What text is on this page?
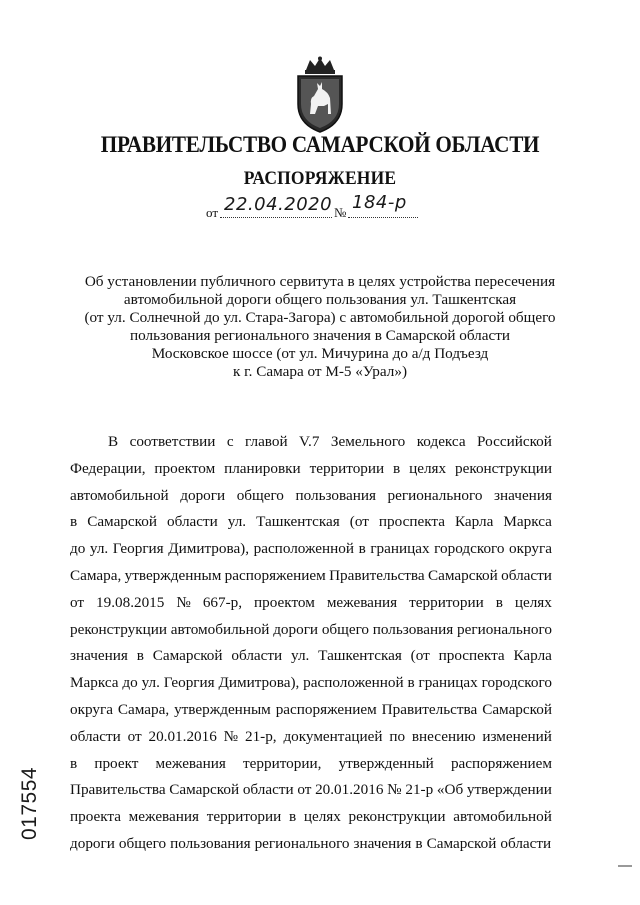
ПРАВИТЕЛЬСТВО САМАРСКОЙ ОБЛАСТИ
РАСПОРЯЖЕНИЕ
от 22.04.2020 № 184-р
Об установлении публичного сервитута в целях устройства пересечения
автомобильной дороги общего пользования ул. Ташкентская
(от ул. Солнечной до ул. Стара-Загора) с автомобильной дорогой общего
пользования регионального значения в Самарской области
Московское шоссе (от ул. Мичурина до а/д Подъезд
к г. Самара от М-5 «Урал»)
В соответствии с главой V.7 Земельного кодекса Российской
Федерации, проектом планировки территории в целях реконструкции
автомобильной дороги общего пользования регионального значения
в Самарской области ул. Ташкентская (от проспекта Карла Маркса
до ул. Георгия Димитрова), расположенной в границах городского округа
Самара, утвержденным распоряжением Правительства Самарской области
от 19.08.2015 № 667-р, проектом межевания территории в целях
реконструкции автомобильной дороги общего пользования регионального
значения в Самарской области ул. Ташкентская (от проспекта Карла
Маркса до ул. Георгия Димитрова), расположенной в границах городского
округа Самара, утвержденным распоряжением Правительства Самарской
области от 20.01.2016 № 21-р, документацией по внесению изменений
в проект межевания территории, утвержденный распоряжением
Правительства Самарской области от 20.01.2016 № 21-р «Об утверждении
проекта межевания территории в целях реконструкции автомобильной
дороги общего пользования регионального значения в Самарской области
017554
